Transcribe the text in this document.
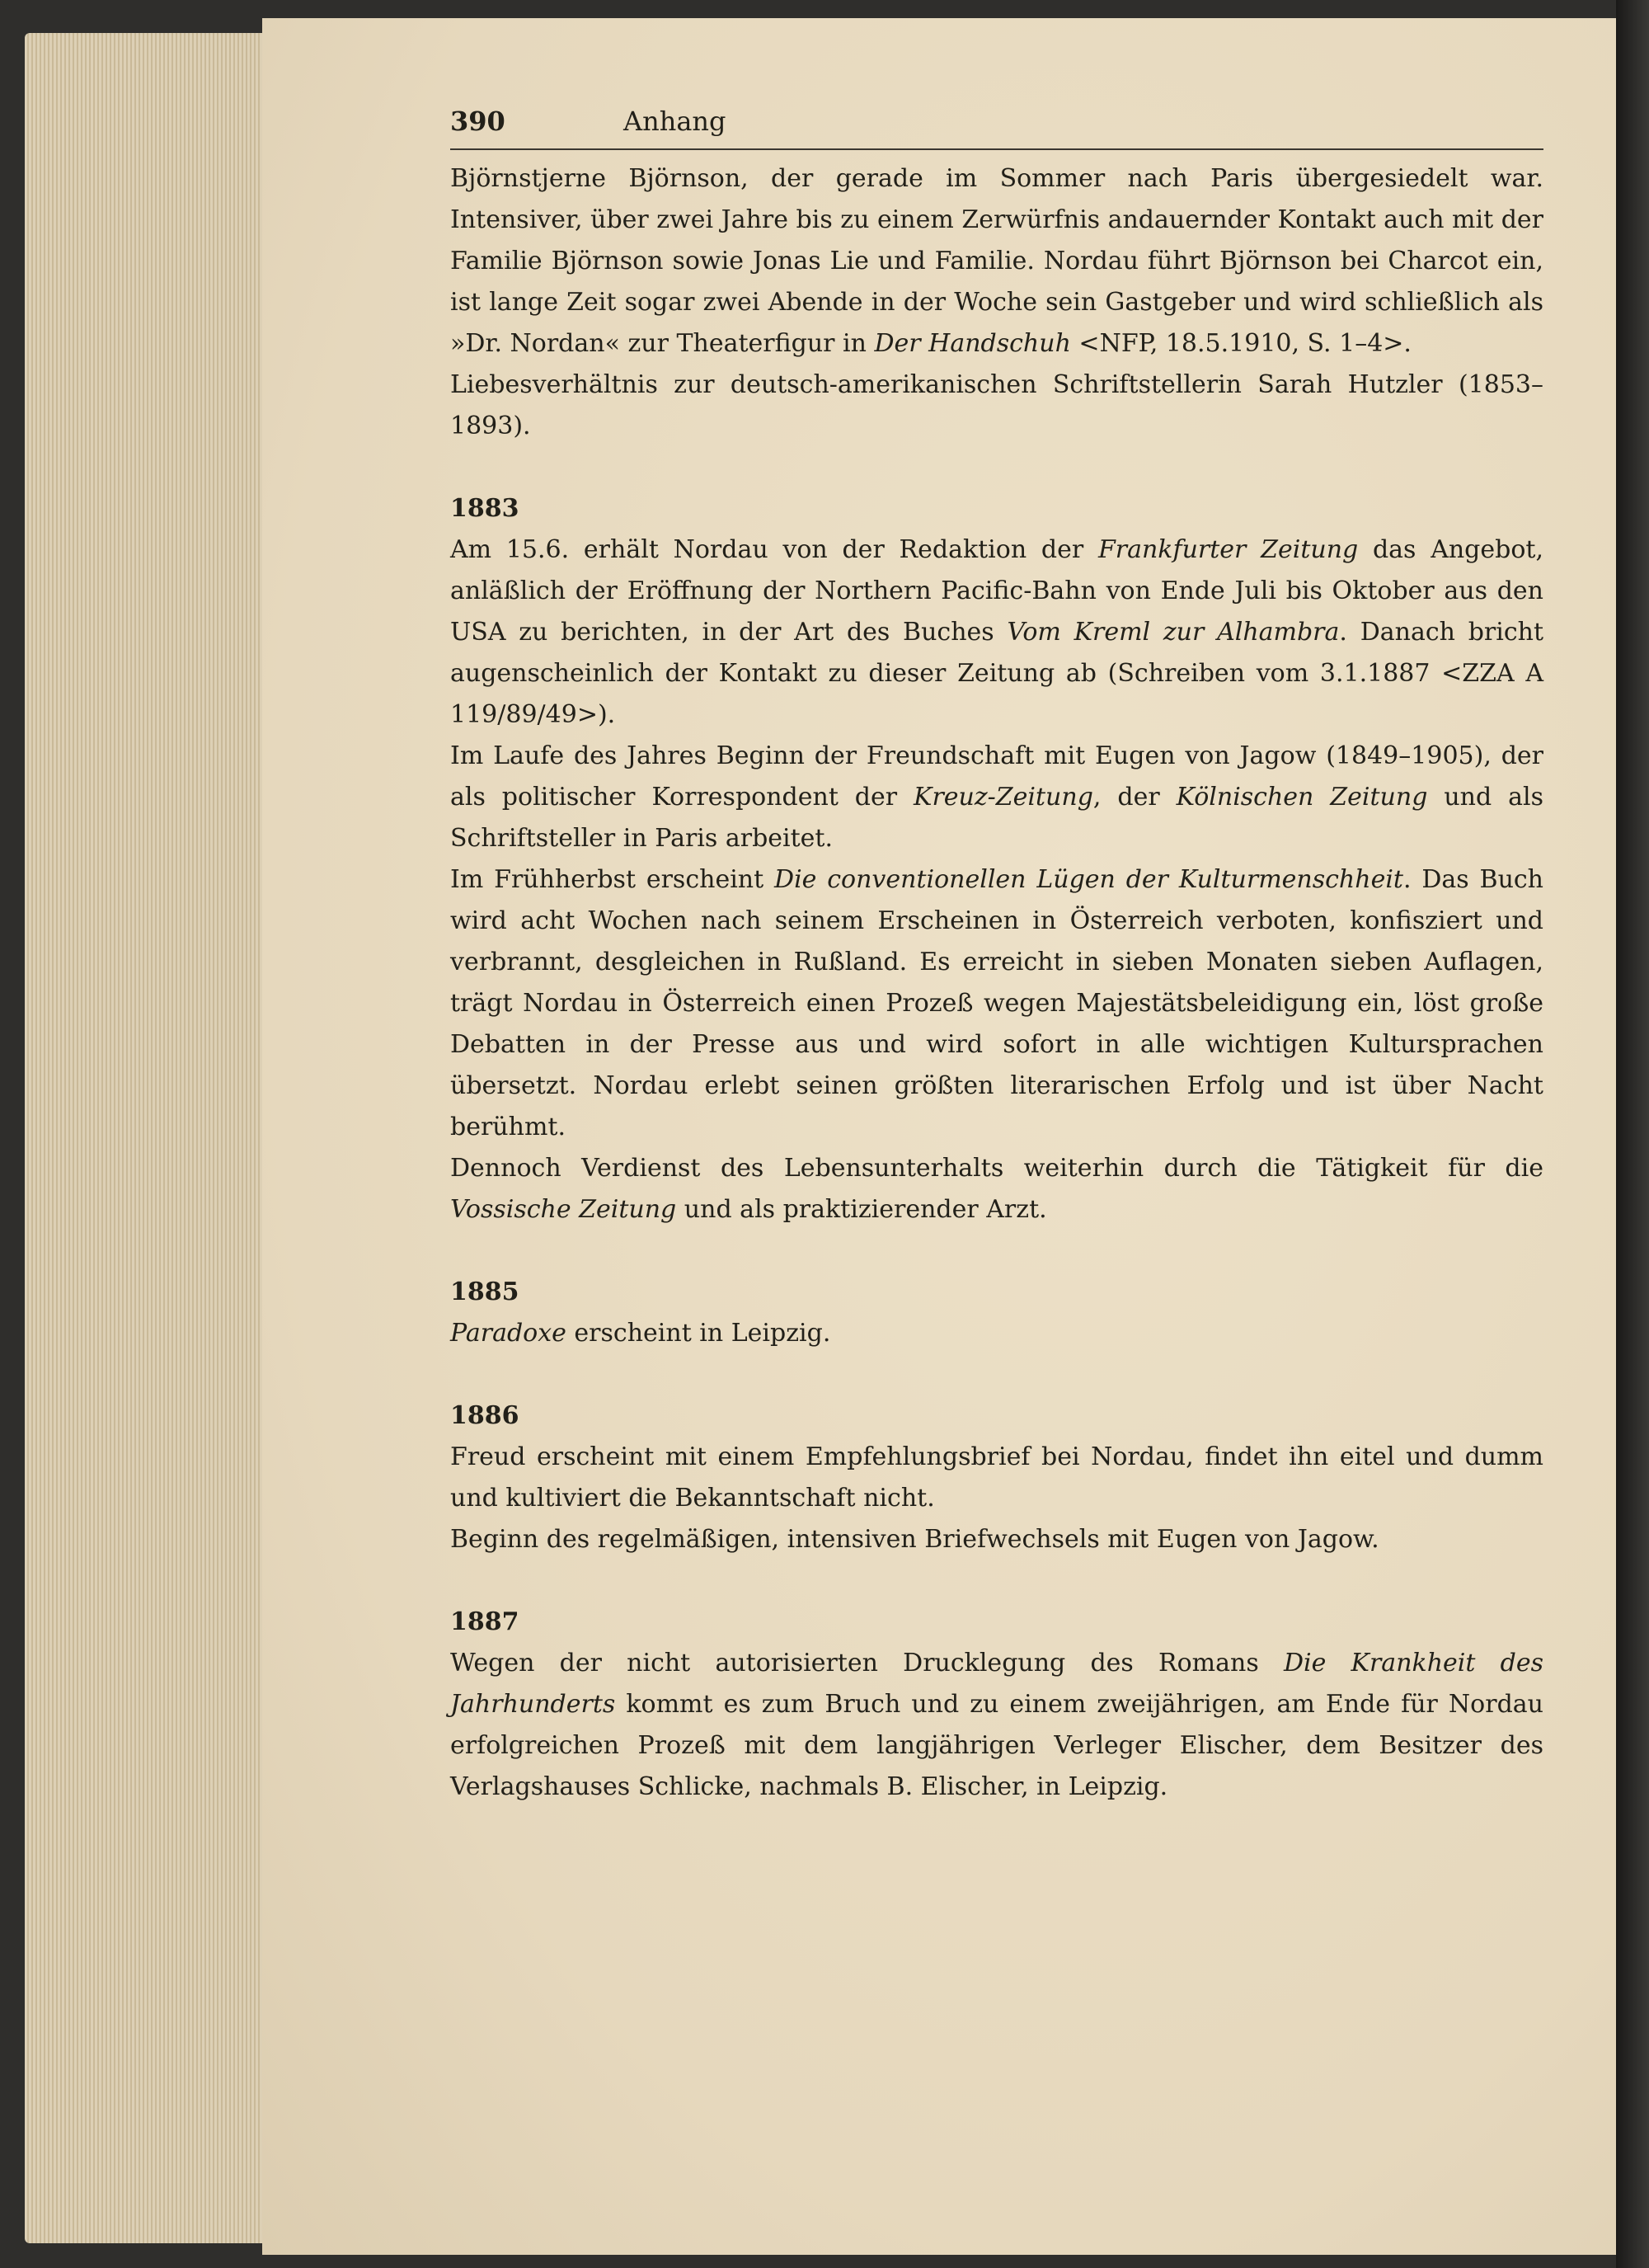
390	Anhang

Björnstjerne Björnson, der gerade im Sommer nach Paris übergesiedelt war. Intensiver, über zwei Jahre bis zu einem Zerwürfnis andauernder Kontakt auch mit der Familie Björnson sowie Jonas Lie und Familie. Nordau führt Björnson bei Charcot ein, ist lange Zeit sogar zwei Abende in der Woche sein Gastgeber und wird schließlich als »Dr. Nordan« zur Theaterfigur in Der Handschuh <NFP, 18.5.1910, S. 1–4>.

Liebesverhältnis zur deutsch-amerikanischen Schriftstellerin Sarah Hutzler (1853–1893).

1883

Am 15.6. erhält Nordau von der Redaktion der Frankfurter Zeitung das Angebot, anläßlich der Eröffnung der Northern Pacific-Bahn von Ende Juli bis Oktober aus den USA zu berichten, in der Art des Buches Vom Kreml zur Alhambra. Danach bricht augenscheinlich der Kontakt zu dieser Zeitung ab (Schreiben vom 3.1.1887 <ZZA A 119/89/49>).

Im Laufe des Jahres Beginn der Freundschaft mit Eugen von Jagow (1849–1905), der als politischer Korrespondent der Kreuz-Zeitung, der Kölnischen Zeitung und als Schriftsteller in Paris arbeitet.

Im Frühherbst erscheint Die conventionellen Lügen der Kulturmenschheit. Das Buch wird acht Wochen nach seinem Erscheinen in Österreich verboten, konfisziert und verbrannt, desgleichen in Rußland. Es erreicht in sieben Monaten sieben Auflagen, trägt Nordau in Österreich einen Prozeß wegen Majestätsbeleidigung ein, löst große Debatten in der Presse aus und wird sofort in alle wichtigen Kultursprachen übersetzt. Nordau erlebt seinen größten literarischen Erfolg und ist über Nacht berühmt.

Dennoch Verdienst des Lebensunterhalts weiterhin durch die Tätigkeit für die Vossische Zeitung und als praktizierender Arzt.

1885

Paradoxe erscheint in Leipzig.

1886

Freud erscheint mit einem Empfehlungsbrief bei Nordau, findet ihn eitel und dumm und kultiviert die Bekanntschaft nicht.

Beginn des regelmäßigen, intensiven Briefwechsels mit Eugen von Jagow.

1887

Wegen der nicht autorisierten Drucklegung des Romans Die Krankheit des Jahrhunderts kommt es zum Bruch und zu einem zweijährigen, am Ende für Nordau erfolgreichen Prozeß mit dem langjährigen Verleger Elischer, dem Besitzer des Verlagshauses Schlicke, nachmals B. Elischer, in Leipzig.
